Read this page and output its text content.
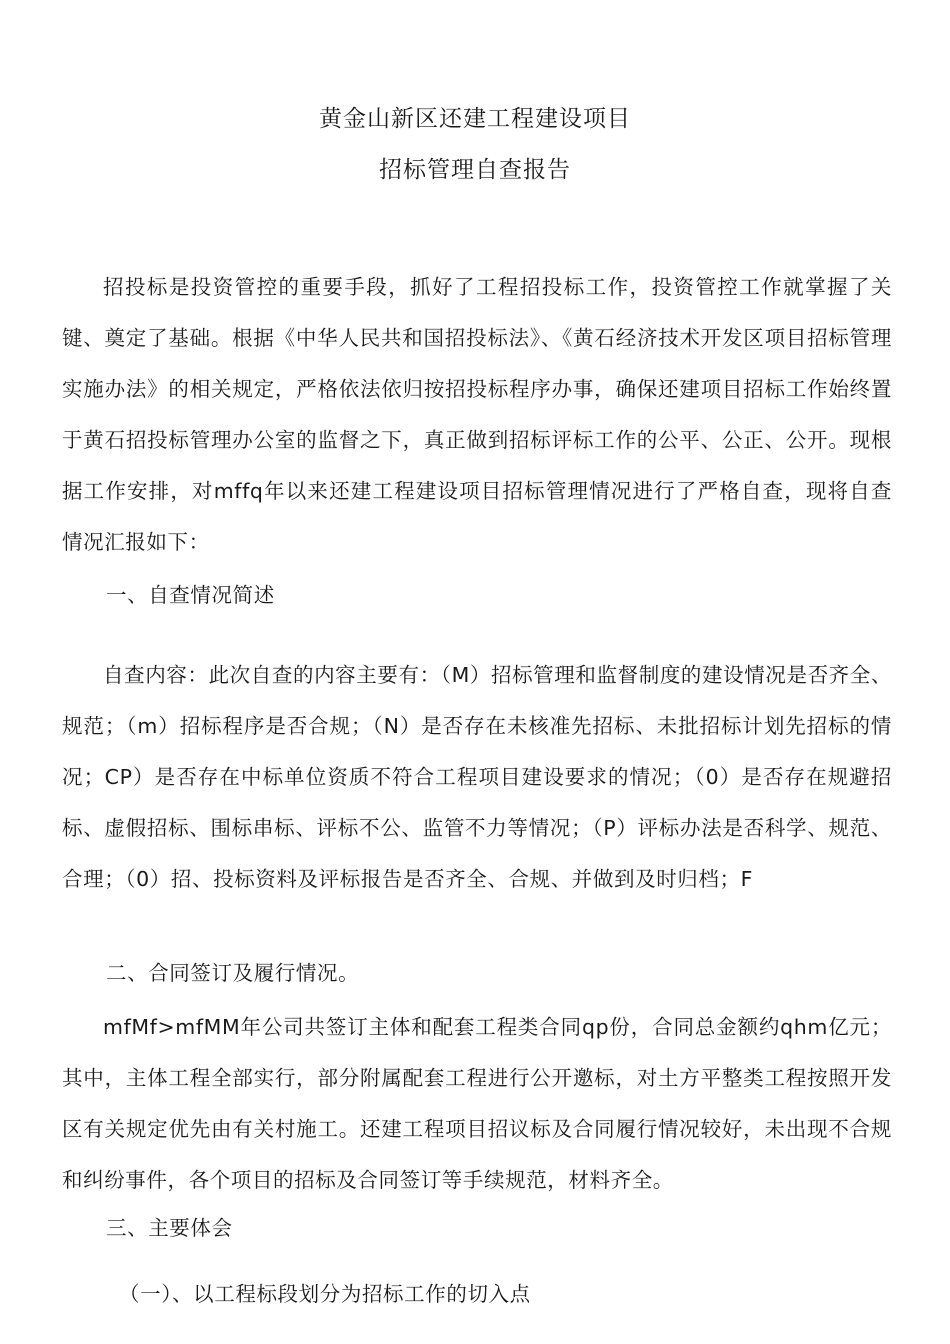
黄金山新区还建工程建设项目
招标管理自查报告

招投标是投资管控的重要手段，抓好了工程招投标工作，投资管控工作就掌握了关键、奠定了基础。根据《中华人民共和国招投标法》、《黄石经济技术开发区项目招标管理实施办法》的相关规定，严格依法依归按招投标程序办事，确保还建项目招标工作始终置于黄石招投标管理办公室的监督之下，真正做到招标评标工作的公平、公正、公开。现根据工作安排，对mffq年以来还建工程建设项目招标管理情况进行了严格自查，现将自查情况汇报如下：

一、自查情况简述

自查内容：此次自查的内容主要有：（M）招标管理和监督制度的建设情况是否齐全、规范；（m）招标程序是否合规；（N）是否存在未核准先招标、未批招标计划先招标的情况；CP）是否存在中标单位资质不符合工程项目建设要求的情况；（0）是否存在规避招标、虚假招标、围标串标、评标不公、监管不力等情况；（P）评标办法是否科学、规范、合理；（0）招、投标资料及评标报告是否齐全、合规、并做到及时归档；F

二、合同签订及履行情况。

mfMf>mfMM年公司共签订主体和配套工程类合同qp份，合同总金额约qhm亿元；其中，主体工程全部实行，部分附属配套工程进行公开邀标，对土方平整类工程按照开发区有关规定优先由有关村施工。还建工程项目招议标及合同履行情况较好，未出现不合规和纠纷事件，各个项目的招标及合同签订等手续规范，材料齐全。

三、主要体会

（一）、以工程标段划分为招标工作的切入点
